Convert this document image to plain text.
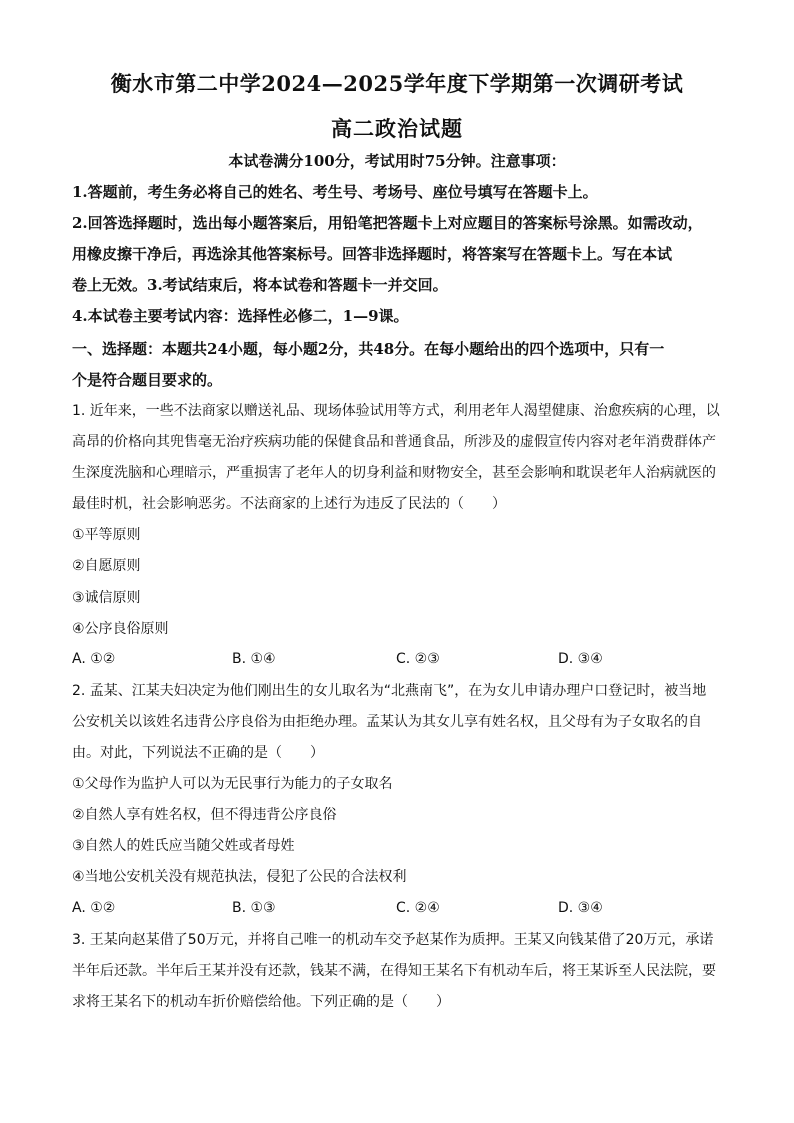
衡水市第二中学2024—2025学年度下学期第一次调研考试
高二政治试题
本试卷满分100分，考试用时75分钟。注意事项：
1.答题前，考生务必将自己的姓名、考生号、考场号、座位号填写在答题卡上。
2.回答选择题时，选出每小题答案后，用铅笔把答题卡上对应题目的答案标号涂黑。如需改动，
用橡皮擦干净后，再选涂其他答案标号。回答非选择题时，将答案写在答题卡上。写在本试
卷上无效。3.考试结束后，将本试卷和答题卡一并交回。
4.本试卷主要考试内容：选择性必修二，1—9课。
一、选择题：本题共24小题，每小题2分，共48分。在每小题给出的四个选项中，只有一
个是符合题目要求的。
1. 近年来，一些不法商家以赠送礼品、现场体验试用等方式，利用老年人渴望健康、治愈疾病的心理，以
高昂的价格向其兜售毫无治疗疾病功能的保健食品和普通食品，所涉及的虚假宣传内容对老年消费群体产
生深度洗脑和心理暗示，严重损害了老年人的切身利益和财物安全，甚至会影响和耽误老年人治病就医的
最佳时机，社会影响恶劣。不法商家的上述行为违反了民法的（　　）
①平等原则
②自愿原则
③诚信原则
④公序良俗原则
A. ①②	B. ①④	C. ②③	D. ③④
2. 孟某、江某夫妇决定为他们刚出生的女儿取名为“北燕南飞”，在为女儿申请办理户口登记时，被当地
公安机关以该姓名违背公序良俗为由拒绝办理。孟某认为其女儿享有姓名权，且父母有为子女取名的自
由。对此，下列说法不正确的是（　　）
①父母作为监护人可以为无民事行为能力的子女取名
②自然人享有姓名权，但不得违背公序良俗
③自然人的姓氏应当随父姓或者母姓
④当地公安机关没有规范执法，侵犯了公民的合法权利
A. ①②	B. ①③	C. ②④	D. ③④
3. 王某向赵某借了50万元，并将自己唯一的机动车交予赵某作为质押。王某又向钱某借了20万元，承诺
半年后还款。半年后王某并没有还款，钱某不满，在得知王某名下有机动车后，将王某诉至人民法院，要
求将王某名下的机动车折价赔偿给他。下列正确的是（　　）
